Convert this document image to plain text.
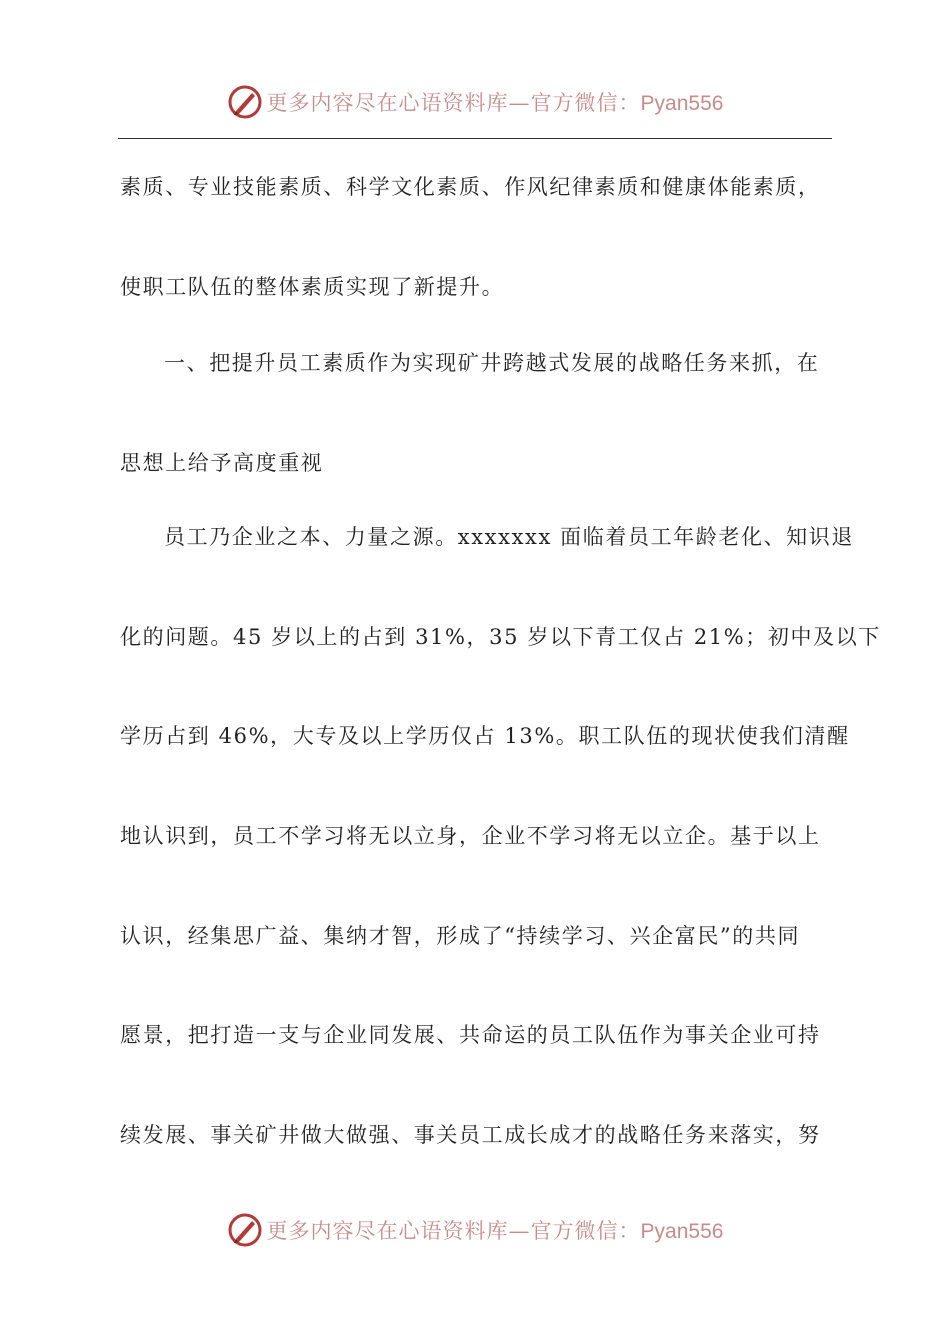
更多内容尽在心语资料库—官方微信：Pyan556
素质、专业技能素质、科学文化素质、作风纪律素质和健康体能素质，
使职工队伍的整体素质实现了新提升。
一、把提升员工素质作为实现矿井跨越式发展的战略任务来抓，在
思想上给予高度重视
员工乃企业之本、力量之源。xxxxxxx 面临着员工年龄老化、知识退
化的问题。45 岁以上的占到 31%，35 岁以下青工仅占 21%；初中及以下
学历占到 46%，大专及以上学历仅占 13%。职工队伍的现状使我们清醒
地认识到，员工不学习将无以立身，企业不学习将无以立企。基于以上
认识，经集思广益、集纳才智，形成了“持续学习、兴企富民”的共同
愿景，把打造一支与企业同发展、共命运的员工队伍作为事关企业可持
续发展、事关矿井做大做强、事关员工成长成才的战略任务来落实，努
更多内容尽在心语资料库—官方微信：Pyan556
